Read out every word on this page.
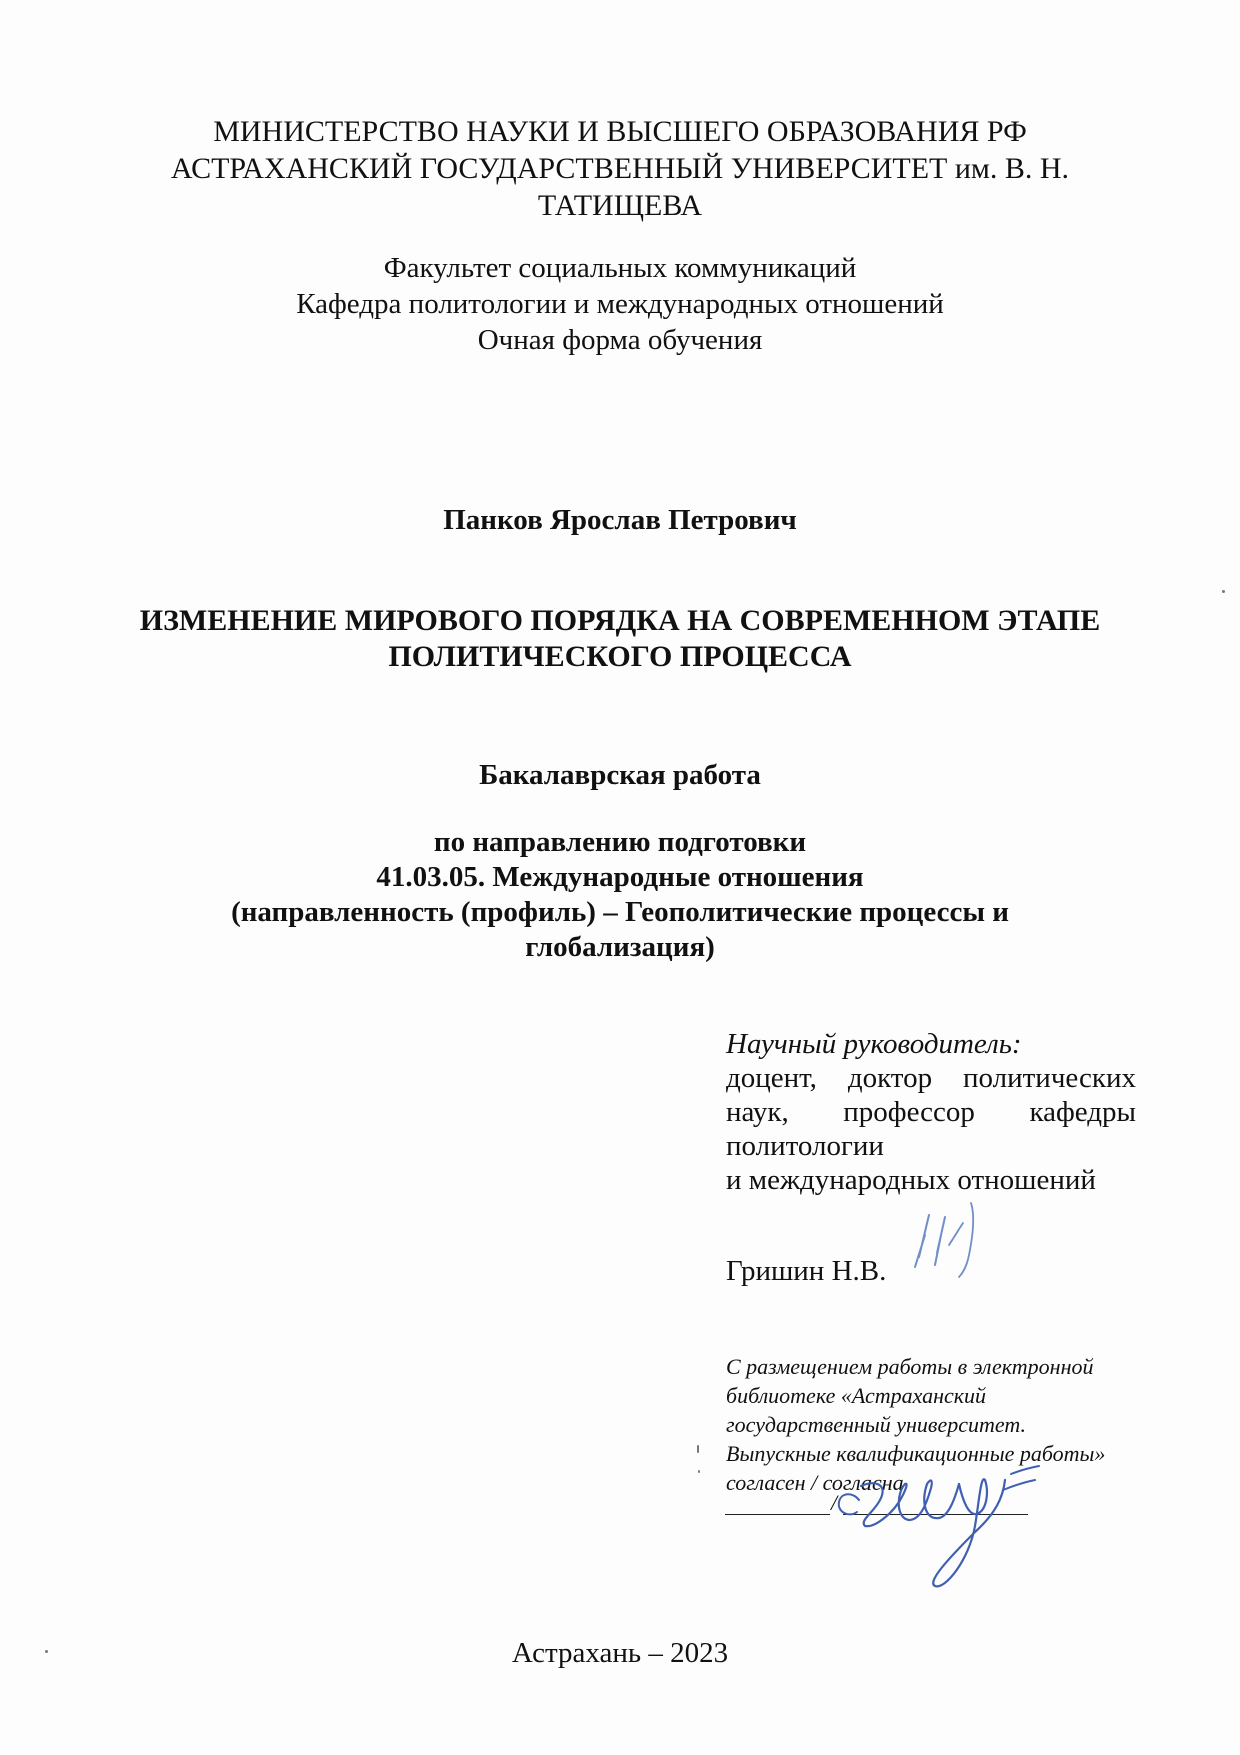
МИНИСТЕРСТВО НАУКИ И ВЫСШЕГО ОБРАЗОВАНИЯ РФ
АСТРАХАНСКИЙ ГОСУДАРСТВЕННЫЙ УНИВЕРСИТЕТ им. В. Н.
ТАТИЩЕВА
Факультет социальных коммуникаций
Кафедра политологии и международных отношений
Очная форма обучения
Панков Ярослав Петрович
ИЗМЕНЕНИЕ МИРОВОГО ПОРЯДКА НА СОВРЕМЕННОМ ЭТАПЕ
ПОЛИТИЧЕСКОГО ПРОЦЕССА
Бакалаврская работа
по направлению подготовки
41.03.05. Международные отношения
(направленность (профиль) – Геополитические процессы и
глобализация)
Научный руководитель:
доцент, доктор политических
наук, профессор кафедры
политологии
и международных отношений
Гришин Н.В.
С размещением работы в электронной
библиотеке «Астраханский
государственный университет.
Выпускные квалификационные работы»
согласен / согласна
/
Астрахань – 2023
